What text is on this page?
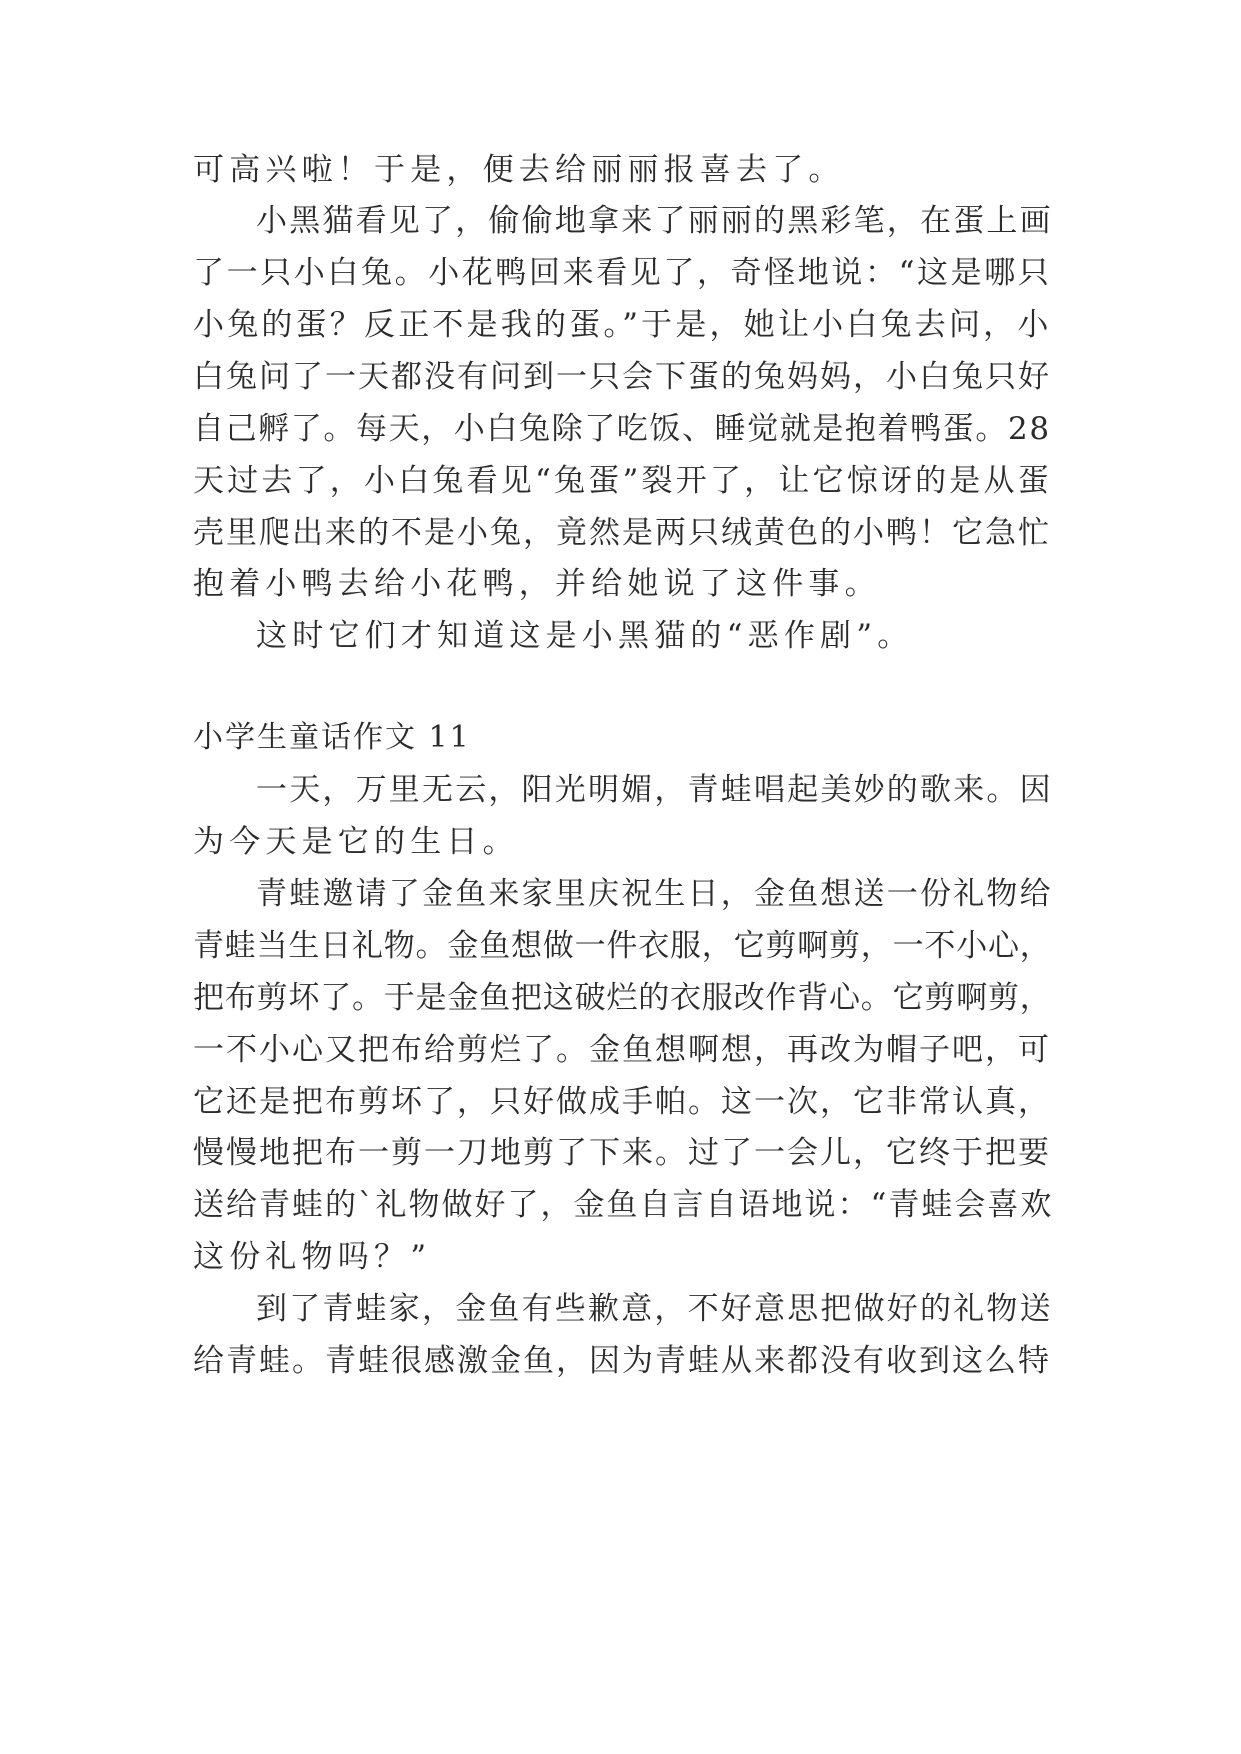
可高兴啦！于是，便去给丽丽报喜去了。
小黑猫看见了，偷偷地拿来了丽丽的黑彩笔，在蛋上画
了一只小白兔。小花鸭回来看见了，奇怪地说：“这是哪只
小兔的蛋？反正不是我的蛋。”于是，她让小白兔去问，小
白兔问了一天都没有问到一只会下蛋的兔妈妈，小白兔只好
自己孵了。每天，小白兔除了吃饭、睡觉就是抱着鸭蛋。28
天过去了，小白兔看见“兔蛋”裂开了，让它惊讶的是从蛋
壳里爬出来的不是小兔，竟然是两只绒黄色的小鸭！它急忙
抱着小鸭去给小花鸭，并给她说了这件事。
这时它们才知道这是小黑猫的“恶作剧”。
小学生童话作文 11
一天，万里无云，阳光明媚，青蛙唱起美妙的歌来。因
为今天是它的生日。
青蛙邀请了金鱼来家里庆祝生日，金鱼想送一份礼物给
青蛙当生日礼物。金鱼想做一件衣服，它剪啊剪，一不小心，
把布剪坏了。于是金鱼把这破烂的衣服改作背心。它剪啊剪，
一不小心又把布给剪烂了。金鱼想啊想，再改为帽子吧，可
它还是把布剪坏了，只好做成手帕。这一次，它非常认真，
慢慢地把布一剪一刀地剪了下来。过了一会儿，它终于把要
送给青蛙的`礼物做好了，金鱼自言自语地说：“青蛙会喜欢
这份礼物吗？”
到了青蛙家，金鱼有些歉意，不好意思把做好的礼物送
给青蛙。青蛙很感激金鱼，因为青蛙从来都没有收到这么特
